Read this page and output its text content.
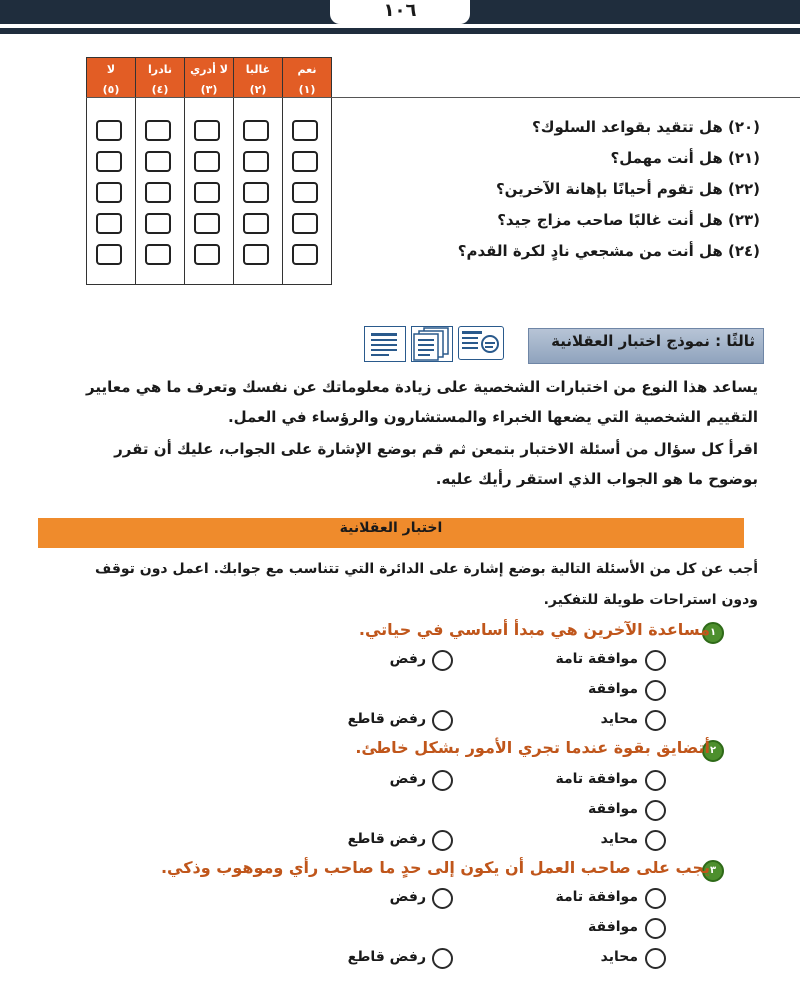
١٠٦
نعم
(١)
غالبا
(٢)
لا أدري
(٣)
نادرا
(٤)
لا
(٥)
(٢٠) هل تتقيد بقواعد السلوك؟
(٢١) هل أنت مهمل؟
(٢٢) هل تقوم أحيانًا بإهانة الآخرين؟
(٢٣) هل أنت غالبًا صاحب مزاج جيد؟
(٢٤) هل أنت من مشجعي نادٍ لكرة القدم؟
ثالثًا : نموذج اختبار العقلانية
يساعد هذا النوع من اختبارات الشخصية على زيادة معلوماتك عن نفسك وتعرف ما هي معايير
التقييم الشخصية التي يضعها الخبراء والمستشارون والرؤساء في العمل.
اقرأ كل سؤال من أسئلة الاختبار بتمعن ثم قم بوضع الإشارة على الجواب، عليك أن تقرر
بوضوح ما هو الجواب الذي استقر رأيك عليه.
اختبار العقلانية
أجب عن كل من الأسئلة التالية بوضع إشارة على الدائرة التي تتناسب مع جوابك. اعمل دون توقف
ودون استراحات طويلة للتفكير.
١
مساعدة الآخرين هي مبدأ أساسي في حياتي.
موافقة تامة
رفض
موافقة
محايد
رفض قاطع
٢
أتضايق بقوة عندما تجري الأمور بشكل خاطئ.
موافقة تامة
رفض
موافقة
محايد
رفض قاطع
٣
يجب على صاحب العمل أن يكون إلى حدٍ ما صاحب رأي وموهوب وذكي.
موافقة تامة
رفض
موافقة
محايد
رفض قاطع
